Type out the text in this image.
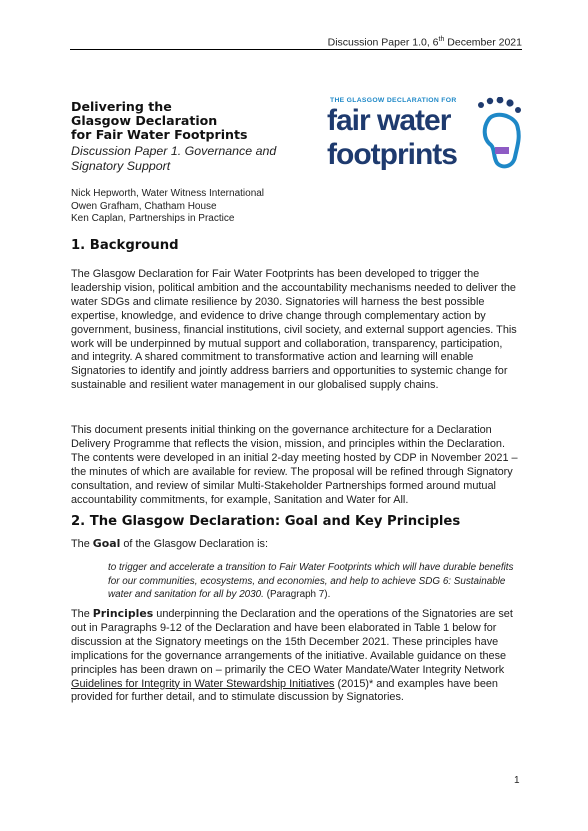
Discussion Paper 1.0, 6th December 2021
Delivering the
Glasgow Declaration
for Fair Water Footprints
Discussion Paper 1. Governance and
Signatory Support
Nick Hepworth, Water Witness International
Owen Grafham, Chatham House
Ken Caplan, Partnerships in Practice
THE GLASGOW DECLARATION FOR
fair water
footprints
1. Background

The Glasgow Declaration for Fair Water Footprints has been developed to trigger the leadership vision, political ambition and the accountability mechanisms needed to deliver the water SDGs and climate resilience by 2030. Signatories will harness the best possible expertise, knowledge, and evidence to drive change through complementary action by government, business, financial institutions, civil society, and external support agencies. This work will be underpinned by mutual support and collaboration, transparency, participation, and integrity. A shared commitment to transformative action and learning will enable Signatories to identify and jointly address barriers and opportunities to systemic change for sustainable and resilient water management in our globalised supply chains.

This document presents initial thinking on the governance architecture for a Declaration Delivery Programme that reflects the vision, mission, and principles within the Declaration. The contents were developed in an initial 2-day meeting hosted by CDP in November 2021 – the minutes of which are available for review. The proposal will be refined through Signatory consultation, and review of similar Multi-Stakeholder Partnerships formed around mutual accountability commitments, for example, Sanitation and Water for All.

2. The Glasgow Declaration: Goal and Key Principles

The Goal of the Glasgow Declaration is:

to trigger and accelerate a transition to Fair Water Footprints which will have durable benefits for our communities, ecosystems, and economies, and help to achieve SDG 6: Sustainable water and sanitation for all by 2030. (Paragraph 7).

The Principles underpinning the Declaration and the operations of the Signatories are set out in Paragraphs 9-12 of the Declaration and have been elaborated in Table 1 below for discussion at the Signatory meetings on the 15th December 2021. These principles have implications for the governance arrangements of the initiative. Available guidance on these principles has been drawn on – primarily the CEO Water Mandate/Water Integrity Network Guidelines for Integrity in Water Stewardship Initiatives (2015)* and examples have been provided for further detail, and to stimulate discussion by Signatories.

1
